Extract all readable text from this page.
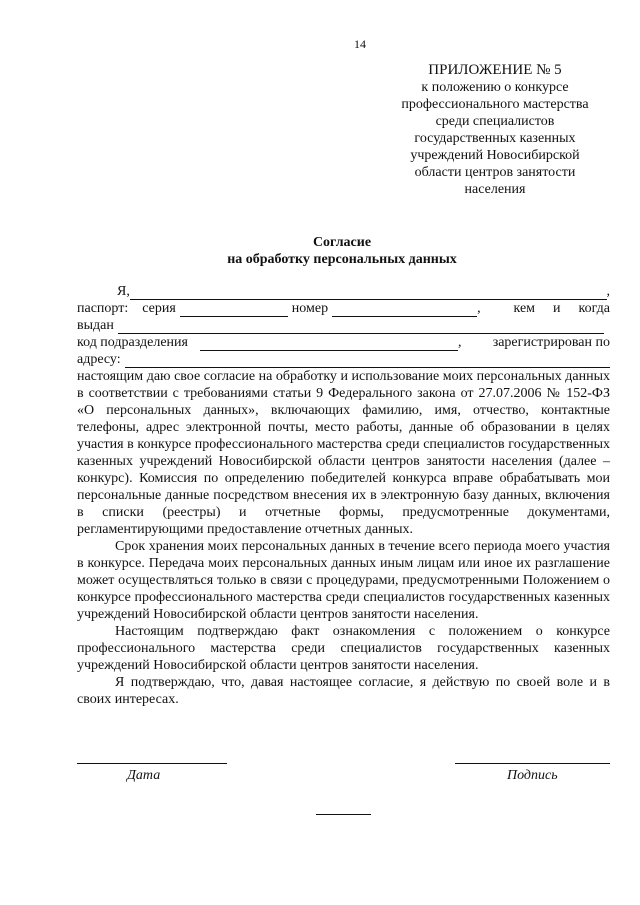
14
ПРИЛОЖЕНИЕ № 5
к положению о конкурсе
профессионального мастерства
среди специалистов
государственных казенных
учреждений Новосибирской
области центров занятости
населения
Согласие
на обработку персональных данных
Я,	,
паспорт: серия	номер	, кем и когда
выдан
код подразделения	, зарегистрирован по
адресу:

настоящим даю свое согласие на обработку и использование моих персональных данных в соответствии с требованиями статьи 9 Федерального закона от 27.07.2006 № 152-ФЗ «О персональных данных», включающих фамилию, имя, отчество, контактные телефоны, адрес электронной почты, место работы, данные об образовании в целях участия в конкурсе профессионального мастерства среди специалистов государственных казенных учреждений Новосибирской области центров занятости населения (далее – конкурс). Комиссия по определению победителей конкурса вправе обрабатывать мои персональные данные посредством внесения их в электронную базу данных, включения в списки (реестры) и отчетные формы, предусмотренные документами, регламентирующими предоставление отчетных данных.

Срок хранения моих персональных данных в течение всего периода моего участия в конкурсе. Передача моих персональных данных иным лицам или иное их разглашение может осуществляться только в связи с процедурами, предусмотренными Положением о конкурсе профессионального мастерства среди специалистов государственных казенных учреждений Новосибирской области центров занятости населения.

Настоящим подтверждаю факт ознакомления с положением о конкурсе профессионального мастерства среди специалистов государственных казенных учреждений Новосибирской области центров занятости населения.

Я подтверждаю, что, давая настоящее согласие, я действую по своей воле и в своих интересах.

Дата	Подпись
